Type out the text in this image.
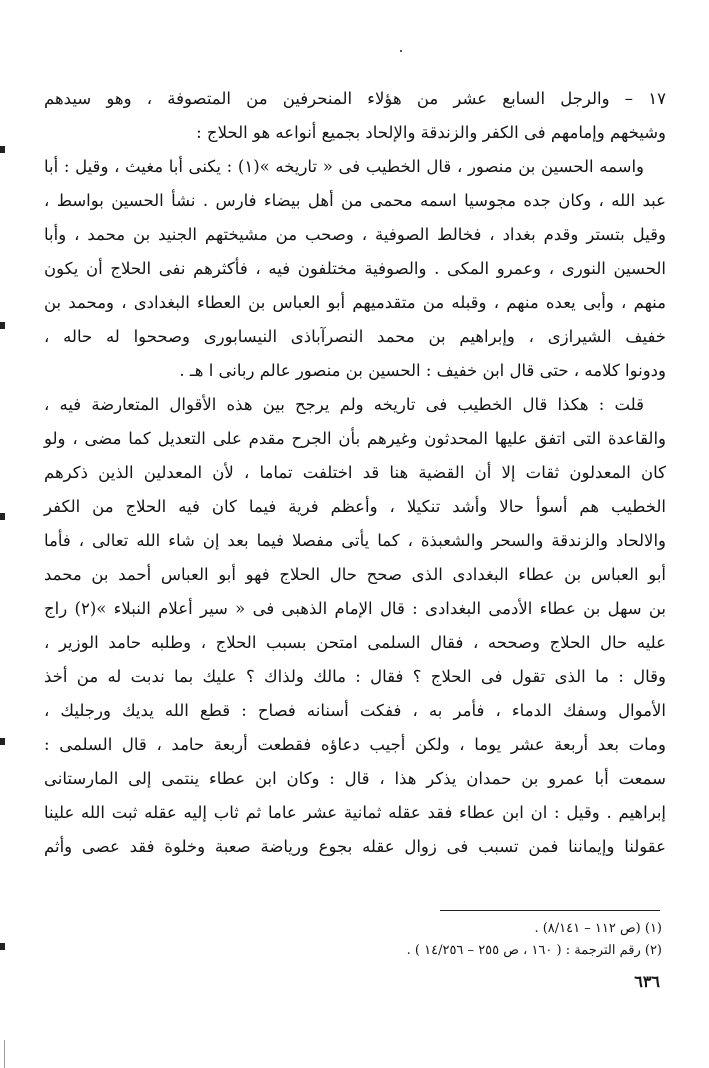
١٧ – والرجل السابع عشر من هؤلاء المنحرفين من المتصوفة ، وهو سيدهم
وشيخهم وإمامهم فى الكفر والزندقة والإلحاد بجميع أنواعه هو الحلاج :
واسمه الحسين بن منصور ، قال الخطيب فى « تاريخه »(١) : يكنى أبا مغيث ، وقيل : أبا
عبد الله ، وكان جده مجوسيا اسمه محمى من أهل بيضاء فارس . نشأ الحسين بواسط ،
وقيل بتستر وقدم بغداد ، فخالط الصوفية ، وصحب من مشيختهم الجنيد بن محمد ، وأبا
الحسين النورى ، وعمرو المكى . والصوفية مختلفون فيه ، فأكثرهم نفى الحلاج أن يكون
منهم ، وأبى يعده منهم ، وقبله من متقدميهم أبو العباس بن العطاء البغدادى ، ومحمد بن
خفيف الشيرازى ، وإبراهيم بن محمد النصرآباذى النيسابورى وصححوا له حاله ،
ودونوا كلامه ، حتى قال ابن خفيف : الحسين بن منصور عالم ربانى ا هـ .
قلت : هكذا قال الخطيب فى تاريخه ولم يرجح بين هذه الأقوال المتعارضة فيه ،
والقاعدة التى اتفق عليها المحدثون وغيرهم بأن الجرح مقدم على التعديل كما مضى ، ولو
كان المعدلون ثقات إلا أن القضية هنا قد اختلفت تماما ، لأن المعدلين الذين ذكرهم
الخطيب هم أسوأ حالا وأشد تنكيلا ، وأعظم فرية فيما كان فيه الحلاج من الكفر
والالحاد والزندقة والسحر والشعبذة ، كما يأتى مفصلا فيما بعد إن شاء الله تعالى ، فأما
أبو العباس بن عطاء البغدادى الذى صحح حال الحلاج فهو أبو العباس أحمد بن محمد
بن سهل بن عطاء الأدمى البغدادى : قال الإمام الذهبى فى « سير أعلام النبلاء »(٢) راج
عليه حال الحلاج وصححه ، فقال السلمى امتحن بسبب الحلاج ، وطلبه حامد الوزير ،
وقال : ما الذى تقول فى الحلاج ؟ فقال : مالك ولذاك ؟ عليك بما ندبت له من أخذ
الأموال وسفك الدماء ، فأمر به ، ففكت أسنانه فصاح : قطع الله يديك ورجليك ،
ومات بعد أربعة عشر يوما ، ولكن أجيب دعاؤه فقطعت أربعة حامد ، قال السلمى :
سمعت أبا عمرو بن حمدان يذكر هذا ، قال : وكان ابن عطاء ينتمى إلى المارستانى
إبراهيم . وقيل : ان ابن عطاء فقد عقله ثمانية عشر عاما ثم ثاب إليه عقله ثبت الله علينا
عقولنا وإيماننا فمن تسبب فى زوال عقله بجوع ورياضة صعبة وخلوة فقد عصى وأثم
(١) (ص ١١٢ – ٨/١٤١) .
(٢) رقم الترجمة : ( ١٦٠ ، ص ٢٥٥ – ١٤/٢٥٦ ) .
٦٣٦
